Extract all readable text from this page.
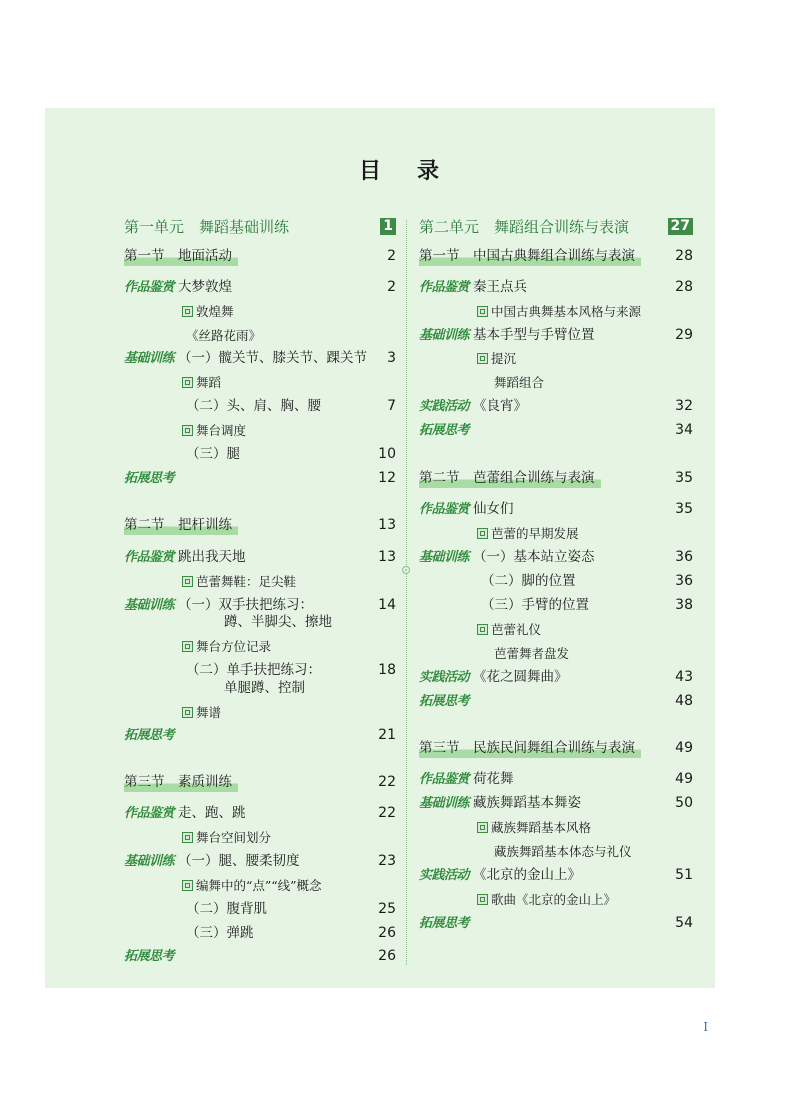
目 录
第一单元　舞蹈基础训练	1
第一节　地面活动	2
作品鉴赏 大梦敦煌	2
敦煌舞
《丝路花雨》
基础训练 （一）髋关节、膝关节、踝关节 3
舞蹈
（二）头、肩、胸、腰	7
舞台调度
（三）腿	10
拓展思考	12
第二节　把杆训练	13
作品鉴赏 跳出我天地	13
芭蕾舞鞋：足尖鞋
基础训练 （一）双手扶把练习：	14
蹲、半脚尖、擦地
舞台方位记录
（二）单手扶把练习：	18
单腿蹲、控制
舞谱
拓展思考	21
第三节　素质训练	22
作品鉴赏 走、跑、跳	22
舞台空间划分
基础训练 （一）腿、腰柔韧度	23
编舞中的“点”“线”概念
（二）腹背肌	25
（三）弹跳	26
拓展思考	26
第二单元　舞蹈组合训练与表演	27
第一节　中国古典舞组合训练与表演	28
作品鉴赏 秦王点兵	28
中国古典舞基本风格与来源
基础训练 基本手型与手臂位置	29
提沉
舞蹈组合
实践活动 《良宵》	32
拓展思考	34
第二节　芭蕾组合训练与表演	35
作品鉴赏 仙女们	35
芭蕾的早期发展
基础训练 （一）基本站立姿态	36
（二）脚的位置	36
（三）手臂的位置	38
芭蕾礼仪
芭蕾舞者盘发
实践活动 《花之圆舞曲》	43
拓展思考	48
第三节　民族民间舞组合训练与表演	49
作品鉴赏 荷花舞	49
基础训练 藏族舞蹈基本舞姿	50
藏族舞蹈基本风格
藏族舞蹈基本体态与礼仪
实践活动 《北京的金山上》	51
歌曲《北京的金山上》
拓展思考	54
I
